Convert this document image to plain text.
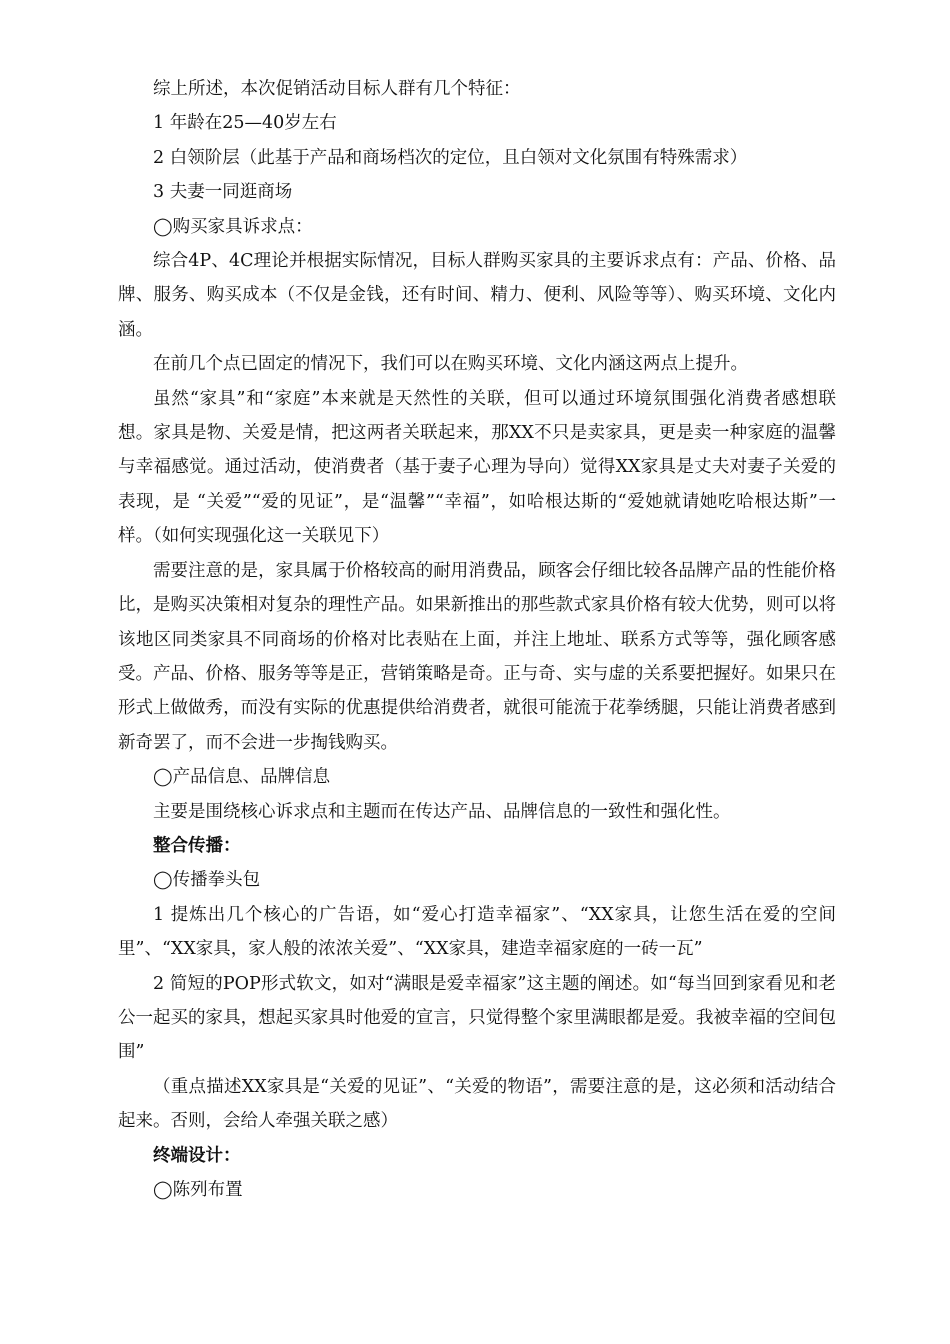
综上所述，本次促销活动目标人群有几个特征：

1 年龄在25—40岁左右

2 白领阶层（此基于产品和商场档次的定位，且白领对文化氛围有特殊需求）

3 夫妻一同逛商场

◯购买家具诉求点：

综合4P、4C理论并根据实际情况，目标人群购买家具的主要诉求点有：产品、价格、品牌、服务、购买成本（不仅是金钱，还有时间、精力、便利、风险等等）、购买环境、文化内涵。

在前几个点已固定的情况下，我们可以在购买环境、文化内涵这两点上提升。

虽然“家具”和“家庭”本来就是天然性的关联，但可以通过环境氛围强化消费者感想联想。家具是物、关爱是情，把这两者关联起来，那XX不只是卖家具，更是卖一种家庭的温馨与幸福感觉。通过活动，使消费者（基于妻子心理为导向）觉得XX家具是丈夫对妻子关爱的表现，是 “关爱”“爱的见证”，是“温馨”“幸福”，如哈根达斯的“爱她就请她吃哈根达斯”一样。（如何实现强化这一关联见下）

需要注意的是，家具属于价格较高的耐用消费品，顾客会仔细比较各品牌产品的性能价格比，是购买决策相对复杂的理性产品。如果新推出的那些款式家具价格有较大优势，则可以将该地区同类家具不同商场的价格对比表贴在上面，并注上地址、联系方式等等，强化顾客感受。产品、价格、服务等等是正，营销策略是奇。正与奇、实与虚的关系要把握好。如果只在形式上做做秀，而没有实际的优惠提供给消费者，就很可能流于花拳绣腿，只能让消费者感到新奇罢了，而不会进一步掏钱购买。

◯产品信息、品牌信息

主要是围绕核心诉求点和主题而在传达产品、品牌信息的一致性和强化性。

整合传播：

◯传播拳头包

1 提炼出几个核心的广告语，如“爱心打造幸福家”、“XX家具，让您生活在爱的空间里”、“XX家具，家人般的浓浓关爱”、“XX家具，建造幸福家庭的一砖一瓦”

2 简短的POP形式软文，如对“满眼是爱幸福家”这主题的阐述。如“每当回到家看见和老公一起买的家具，想起买家具时他爱的宣言，只觉得整个家里满眼都是爱。我被幸福的空间包围”

（重点描述XX家具是“关爱的见证”、“关爱的物语”，需要注意的是，这必须和活动结合起来。否则，会给人牵强关联之感）

终端设计：

◯陈列布置
